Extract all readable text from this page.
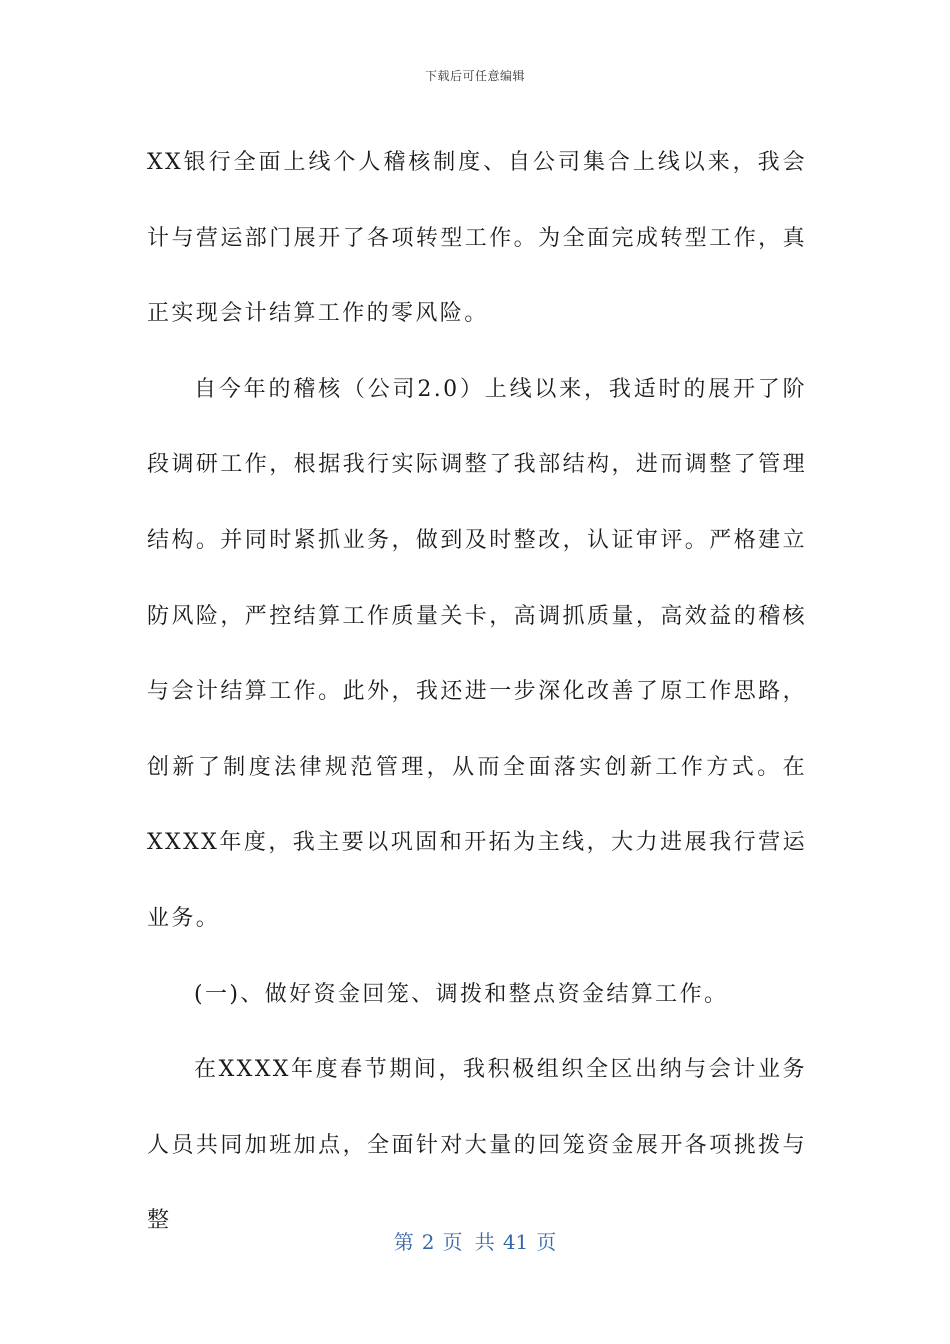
下载后可任意编辑

XX银行全面上线个人稽核制度、自公司集合上线以来，我会计与营运部门展开了各项转型工作。为全面完成转型工作，真正实现会计结算工作的零风险。

自今年的稽核（公司2.0）上线以来，我适时的展开了阶段调研工作，根据我行实际调整了我部结构，进而调整了管理结构。并同时紧抓业务，做到及时整改，认证审评。严格建立防风险，严控结算工作质量关卡，高调抓质量，高效益的稽核与会计结算工作。此外，我还进一步深化改善了原工作思路，创新了制度法律规范管理，从而全面落实创新工作方式。在XXXX年度，我主要以巩固和开拓为主线，大力进展我行营运业务。

(一)、做好资金回笼、调拨和整点资金结算工作。

在XXXX年度春节期间，我积极组织全区出纳与会计业务人员共同加班加点，全面针对大量的回笼资金展开各项挑拨与整

第 2 页 共 41 页
